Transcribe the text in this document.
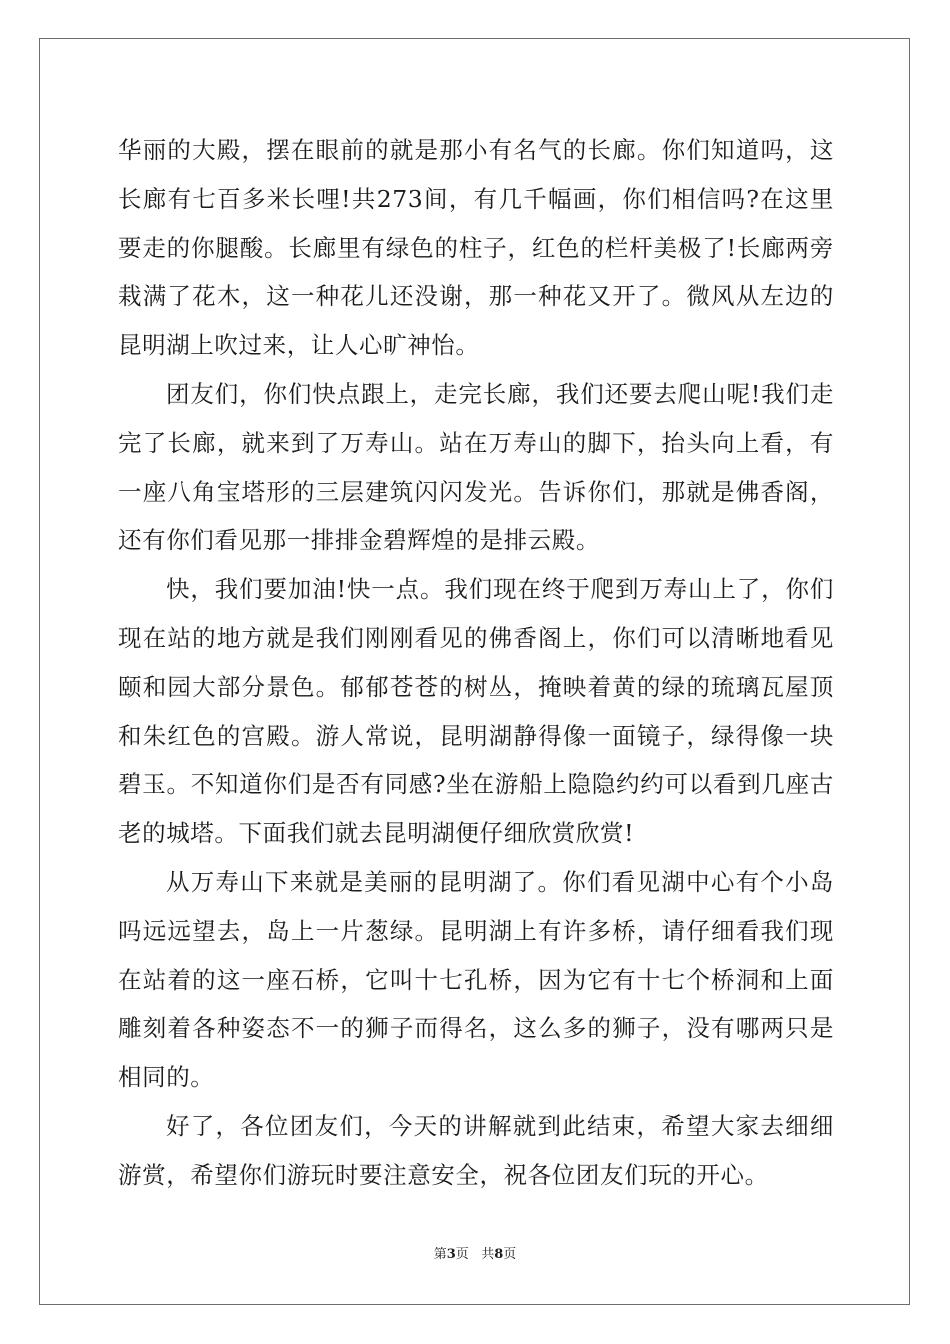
华丽的大殿，摆在眼前的就是那小有名气的长廊。你们知道吗，这长廊有七百多米长哩!共273间，有几千幅画，你们相信吗?在这里要走的你腿酸。长廊里有绿色的柱子，红色的栏杆美极了!长廊两旁栽满了花木，这一种花儿还没谢，那一种花又开了。微风从左边的昆明湖上吹过来，让人心旷神怡。

团友们，你们快点跟上，走完长廊，我们还要去爬山呢!我们走完了长廊，就来到了万寿山。站在万寿山的脚下，抬头向上看，有一座八角宝塔形的三层建筑闪闪发光。告诉你们，那就是佛香阁，还有你们看见那一排排金碧辉煌的是排云殿。

快，我们要加油!快一点。我们现在终于爬到万寿山上了，你们现在站的地方就是我们刚刚看见的佛香阁上，你们可以清晰地看见颐和园大部分景色。郁郁苍苍的树丛，掩映着黄的绿的琉璃瓦屋顶和朱红色的宫殿。游人常说，昆明湖静得像一面镜子，绿得像一块碧玉。不知道你们是否有同感?坐在游船上隐隐约约可以看到几座古老的城塔。下面我们就去昆明湖便仔细欣赏欣赏!

从万寿山下来就是美丽的昆明湖了。你们看见湖中心有个小岛吗远远望去，岛上一片葱绿。昆明湖上有许多桥，请仔细看我们现在站着的这一座石桥，它叫十七孔桥，因为它有十七个桥洞和上面雕刻着各种姿态不一的狮子而得名，这么多的狮子，没有哪两只是相同的。

好了，各位团友们，今天的讲解就到此结束，希望大家去细细游赏，希望你们游玩时要注意安全，祝各位团友们玩的开心。

第3页 共8页
